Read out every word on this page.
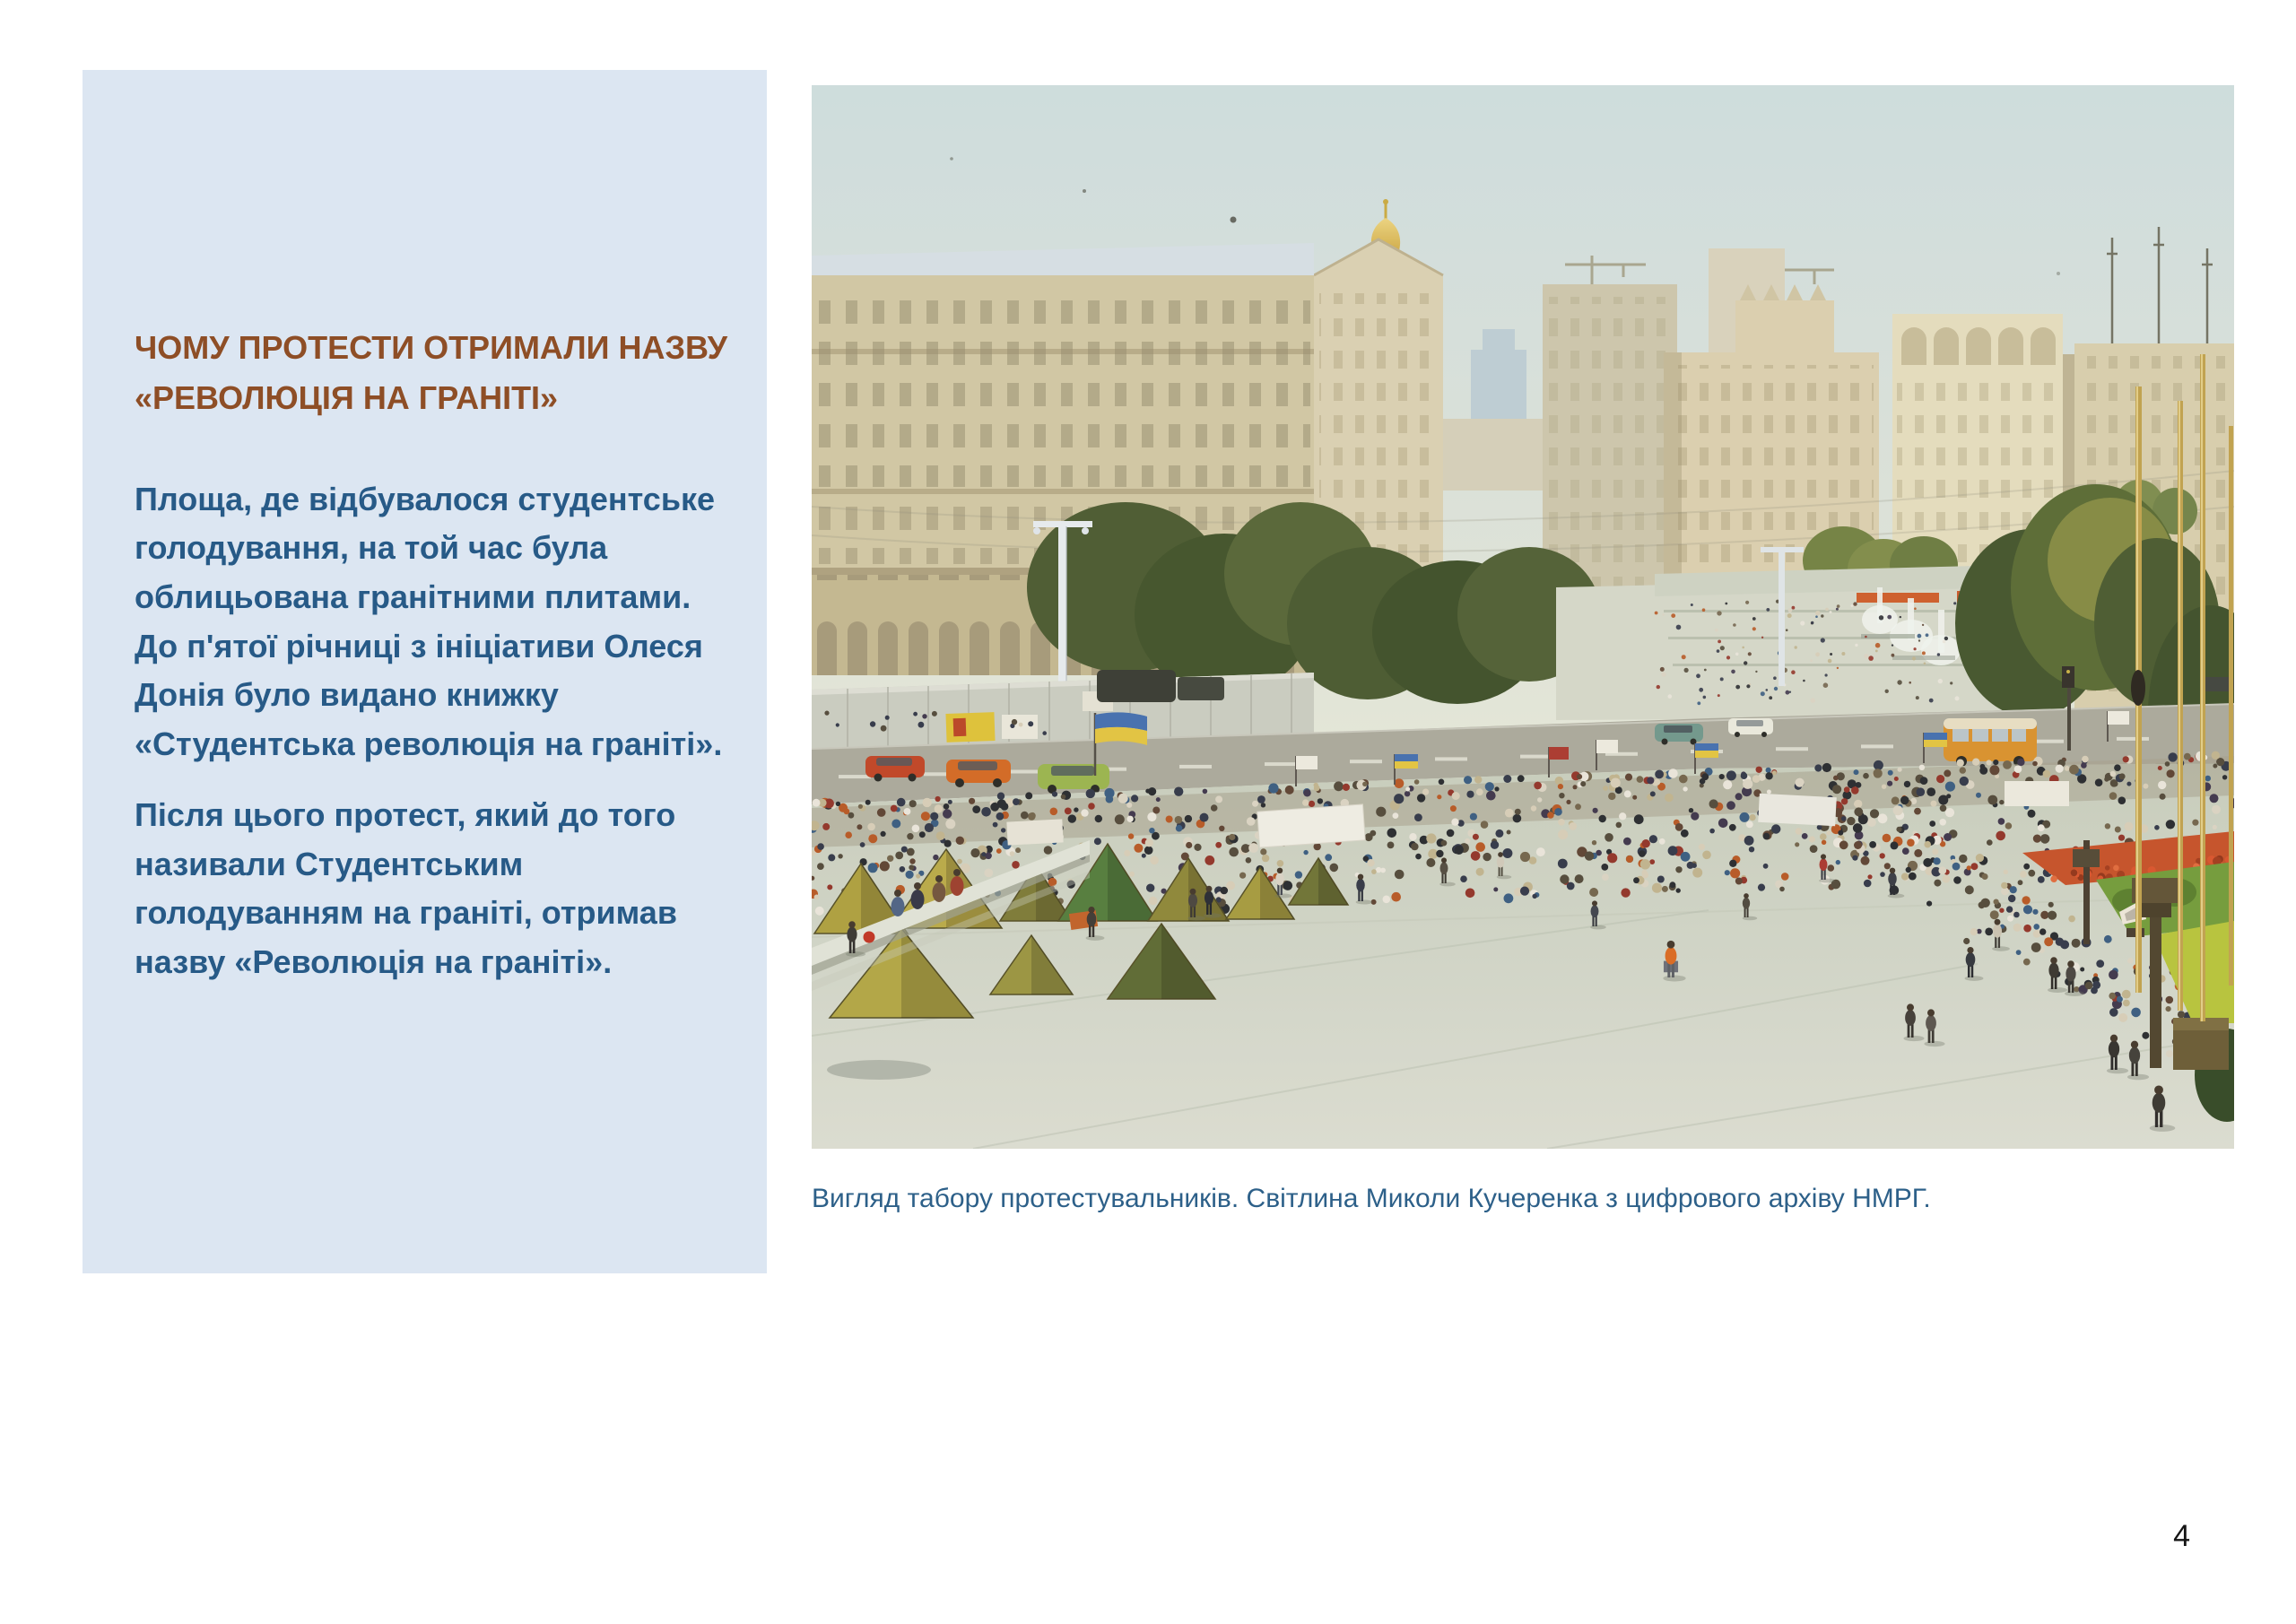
ЧОМУ ПРОТЕСТИ ОТРИМАЛИ НАЗВУ
«РЕВОЛЮЦІЯ НА ГРАНІТІ»

Площа, де відбувалося студентське голодування, на той час була облицьована гранітними плитами. До п'ятої річниці з ініціативи Олеся Донія було видано книжку «Студентська революція на граніті».

Після цього протест, який до того називали Студентським голодуванням на граніті, отримав назву «Революція на граніті».

Вигляд табору протестувальників. Світлина Миколи Кучеренка з цифрового архіву НМРГ.
4
